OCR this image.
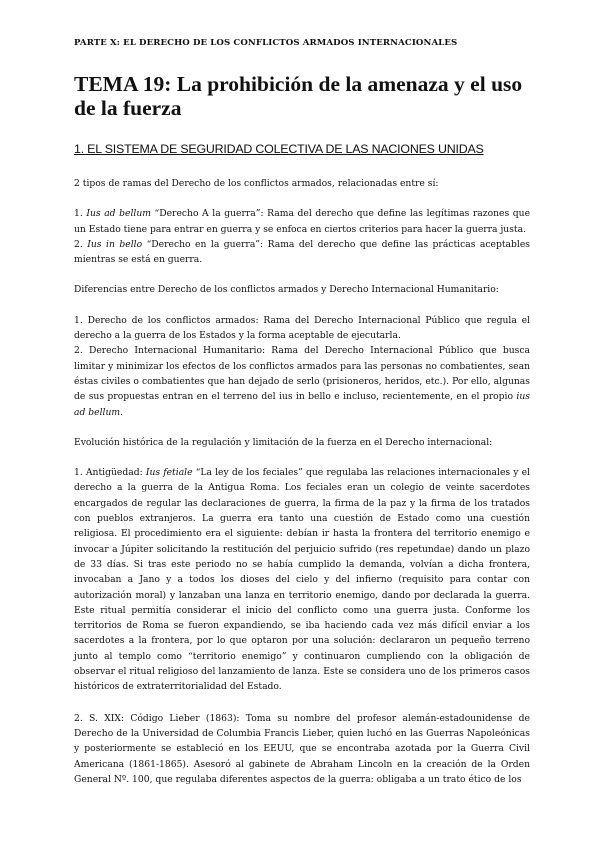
PARTE X: EL DERECHO DE LOS CONFLICTOS ARMADOS INTERNACIONALES
TEMA 19: La prohibición de la amenaza y el uso de la fuerza
1. EL SISTEMA DE SEGURIDAD COLECTIVA DE LAS NACIONES UNIDAS

2 tipos de ramas del Derecho de los conflictos armados, relacionadas entre sí:

1. Ius ad bellum “Derecho A la guerra”: Rama del derecho que define las legítimas razones que un Estado tiene para entrar en guerra y se enfoca en ciertos criterios para hacer la guerra justa.

2. Ius in bello “Derecho en la guerra”: Rama del derecho que define las prácticas aceptables mientras se está en guerra.

Diferencias entre Derecho de los conflictos armados y Derecho Internacional Humanitario:

1. Derecho de los conflictos armados: Rama del Derecho Internacional Público que regula el derecho a la guerra de los Estados y la forma aceptable de ejecutarla.

2. Derecho Internacional Humanitario: Rama del Derecho Internacional Público que busca limitar y minimizar los efectos de los conflictos armados para las personas no combatientes, sean éstas civiles o combatientes que han dejado de serlo (prisioneros, heridos, etc.). Por ello, algunas de sus propuestas entran en el terreno del ius in bello e incluso, recientemente, en el propio ius ad bellum.

Evolución histórica de la regulación y limitación de la fuerza en el Derecho internacional:

1. Antigüedad: Ius fetiale “La ley de los feciales” que regulaba las relaciones internacionales y el derecho a la guerra de la Antigua Roma. Los feciales eran un colegio de veinte sacerdotes encargados de regular las declaraciones de guerra, la firma de la paz y la firma de los tratados con pueblos extranjeros. La guerra era tanto una cuestión de Estado como una cuestión religiosa. El procedimiento era el siguiente: debían ir hasta la frontera del territorio enemigo e invocar a Júpiter solicitando la restitución del perjuicio sufrido (res repetundae) dando un plazo de 33 días. Si tras este periodo no se había cumplido la demanda, volvían a dicha frontera, invocaban a Jano y a todos los dioses del cielo y del infierno (requisito para contar con autorización moral) y lanzaban una lanza en territorio enemigo, dando por declarada la guerra. Este ritual permitía considerar el inicio del conflicto como una guerra justa. Conforme los territorios de Roma se fueron expandiendo, se iba haciendo cada vez más difícil enviar a los sacerdotes a la frontera, por lo que optaron por una solución: declararon un pequeño terreno junto al templo como “territorio enemigo” y continuaron cumpliendo con la obligación de observar el ritual religioso del lanzamiento de lanza. Este se considera uno de los primeros casos históricos de extraterritorialidad del Estado.

2. S. XIX: Código Lieber (1863): Toma su nombre del profesor alemán-estadounidense de Derecho de la Universidad de Columbia Francis Lieber, quien luchó en las Guerras Napoleónicas y posteriormente se estableció en los EEUU, que se encontraba azotada por la Guerra Civil Americana (1861-1865). Asesoró al gabinete de Abraham Lincoln en la creación de la Orden General Nº. 100, que regulaba diferentes aspectos de la guerra: obligaba a un trato ético de los
